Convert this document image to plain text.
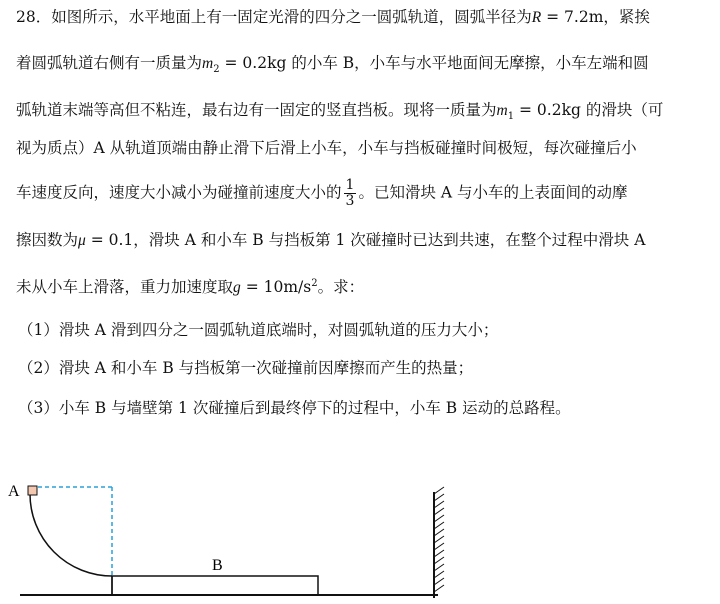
28．如图所示，水平地面上有一固定光滑的四分之一圆弧轨道，圆弧半径为R = 7.2m，紧挨
着圆弧轨道右侧有一质量为$m_2 = 0.2kg$ 的小车 B，小车与水平地面间无摩擦，小车左端和圆
弧轨道末端等高但不粘连，最右边有一固定的竖直挡板。现将一质量为$m_1 = 0.2kg$ 的滑块（可
视为质点）A 从轨道顶端由静止滑下后滑上小车，小车与挡板碰撞时间极短，每次碰撞后小
车速度反向，速度大小减小为碰撞前速度大小的 $\frac{1}{3}$ 。已知滑块 A 与小车的上表面间的动摩
擦因数为μ = 0.1，滑块 A 和小车 B 与挡板第 1 次碰撞时已达到共速，在整个过程中滑块 A
未从小车上滑落，重力加速度取$g = 10m/s^2$。求：
（1）滑块 A 滑到四分之一圆弧轨道底端时，对圆弧轨道的压力大小；
（2）滑块 A 和小车 B 与挡板第一次碰撞前因摩擦而产生的热量；
（3）小车 B 与墙壁第 1 次碰撞后到最终停下的过程中，小车 B 运动的总路程。
A
B
